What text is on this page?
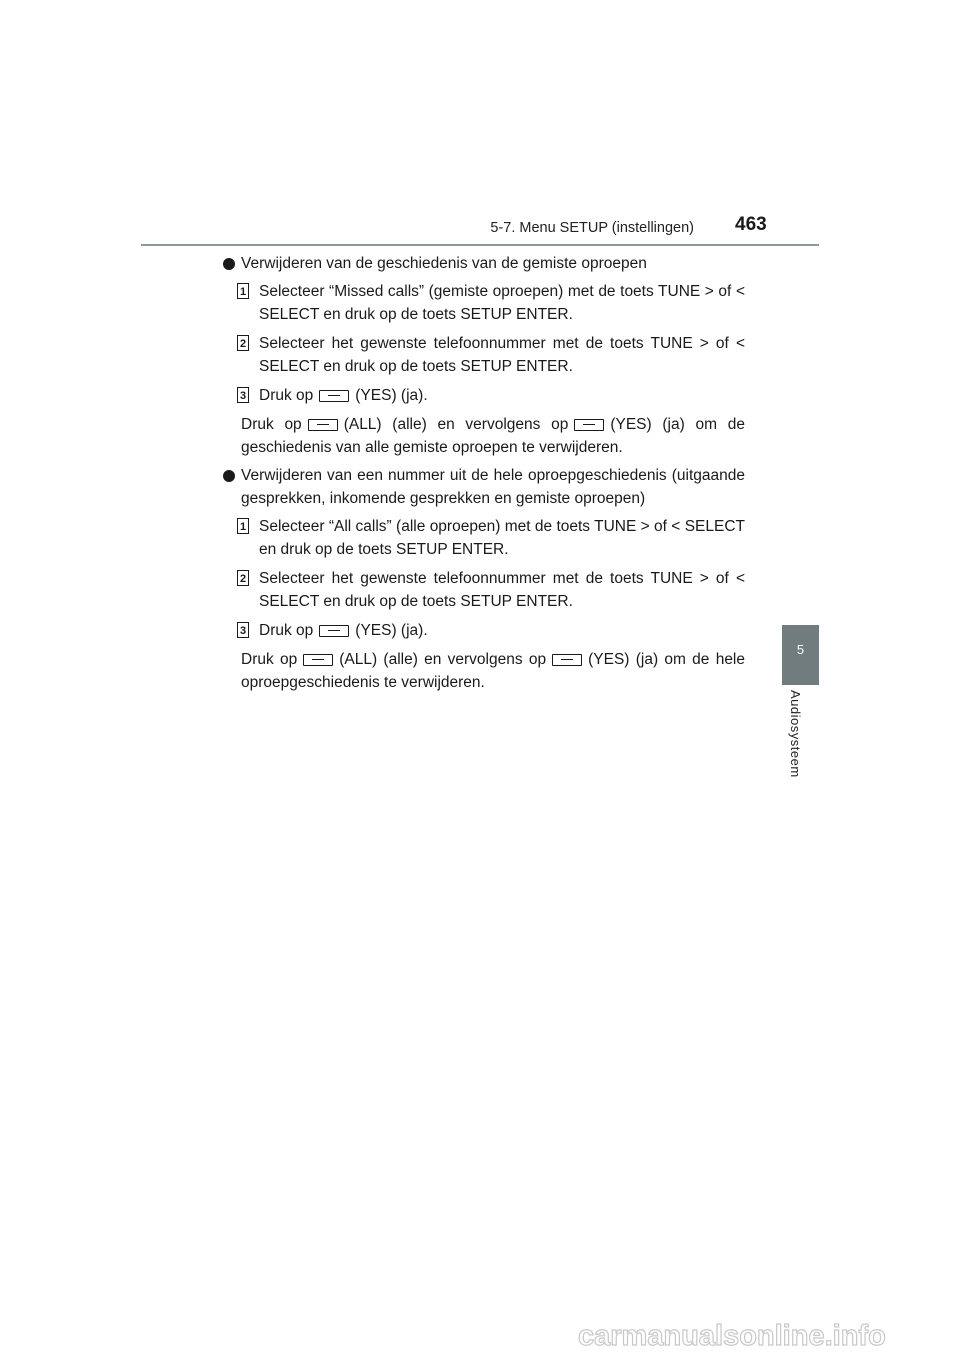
5-7. Menu SETUP (instellingen) 463
5
Audiosysteem
Verwijderen van de geschiedenis van de gemiste oproepen
1 Selecteer “Missed calls” (gemiste oproepen) met de toets TUNE > of < SELECT en druk op de toets SETUP ENTER.
2 Selecteer het gewenste telefoonnummer met de toets TUNE > of < SELECT en druk op de toets SETUP ENTER.
3 Druk op	(YES) (ja).
Druk op	(ALL) (alle) en vervolgens op	(YES) (ja) om de geschiedenis van alle gemiste oproepen te verwijderen.
Verwijderen van een nummer uit de hele oproepgeschiedenis (uitgaande gesprekken, inkomende gesprekken en gemiste oproepen)
1 Selecteer “All calls” (alle oproepen) met de toets TUNE > of < SELECT en druk op de toets SETUP ENTER.
2 Selecteer het gewenste telefoonnummer met de toets TUNE > of < SELECT en druk op de toets SETUP ENTER.
3 Druk op	(YES) (ja).
Druk op	(ALL) (alle) en vervolgens op	(YES) (ja) om de hele oproepgeschiedenis te verwijderen.
carmanualsonline.info
